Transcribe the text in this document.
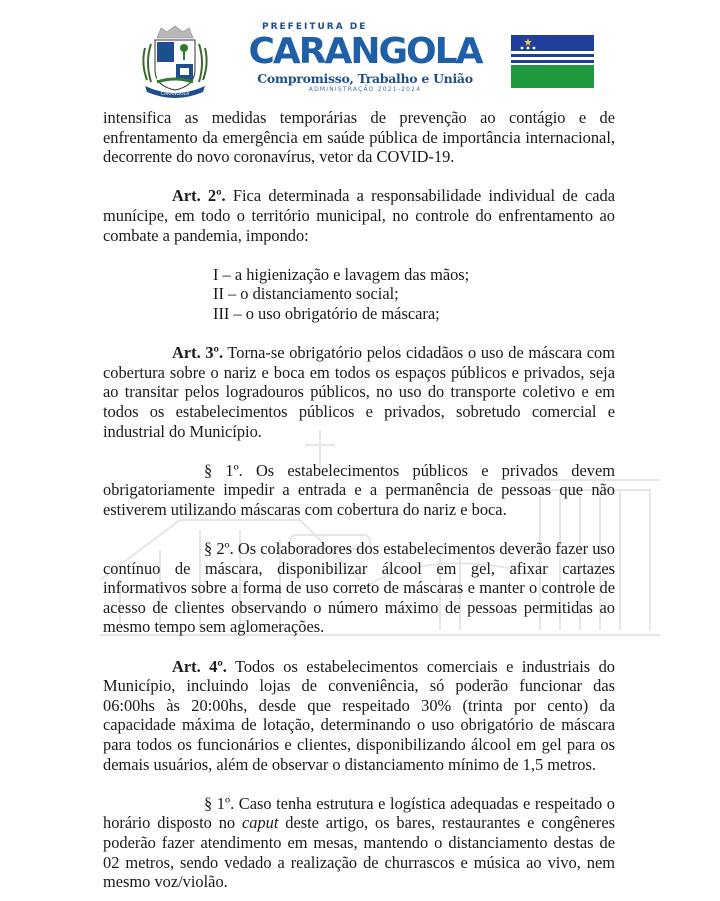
CARANGOLA
PREFEITURA DE
CARANGOLA
Compromisso, Trabalho e União
ADMINISTRAÇÃO 2021-2024

intensifica as medidas temporárias de prevenção ao contágio e de enfrentamento da emergência em saúde pública de importância internacional, decorrente do novo coronavírus, vetor da COVID-19.

Art. 2º. Fica determinada a responsabilidade individual de cada munícipe, em todo o território municipal, no controle do enfrentamento ao combate a pandemia, impondo:

I – a higienização e lavagem das mãos;
II – o distanciamento social;
III – o uso obrigatório de máscara;

Art. 3º. Torna-se obrigatório pelos cidadãos o uso de máscara com cobertura sobre o nariz e boca em todos os espaços públicos e privados, seja ao transitar pelos logradouros públicos, no uso do transporte coletivo e em todos os estabelecimentos públicos e privados, sobretudo comercial e industrial do Município.

§ 1º. Os estabelecimentos públicos e privados devem obrigatoriamente impedir a entrada e a permanência de pessoas que não estiverem utilizando máscaras com cobertura do nariz e boca.

§ 2º. Os colaboradores dos estabelecimentos deverão fazer uso contínuo de máscara, disponibilizar álcool em gel, afixar cartazes informativos sobre a forma de uso correto de máscaras e manter o controle de acesso de clientes observando o número máximo de pessoas permitidas ao mesmo tempo sem aglomerações.

Art. 4º. Todos os estabelecimentos comerciais e industriais do Município, incluindo lojas de conveniência, só poderão funcionar das 06:00hs às 20:00hs, desde que respeitado 30% (trinta por cento) da capacidade máxima de lotação, determinando o uso obrigatório de máscara para todos os funcionários e clientes, disponibilizando álcool em gel para os demais usuários, além de observar o distanciamento mínimo de 1,5 metros.

§ 1º. Caso tenha estrutura e logística adequadas e respeitado o horário disposto no caput deste artigo, os bares, restaurantes e congêneres poderão fazer atendimento em mesas, mantendo o distanciamento destas de 02 metros, sendo vedado a realização de churrascos e música ao vivo, nem mesmo voz/violão.
